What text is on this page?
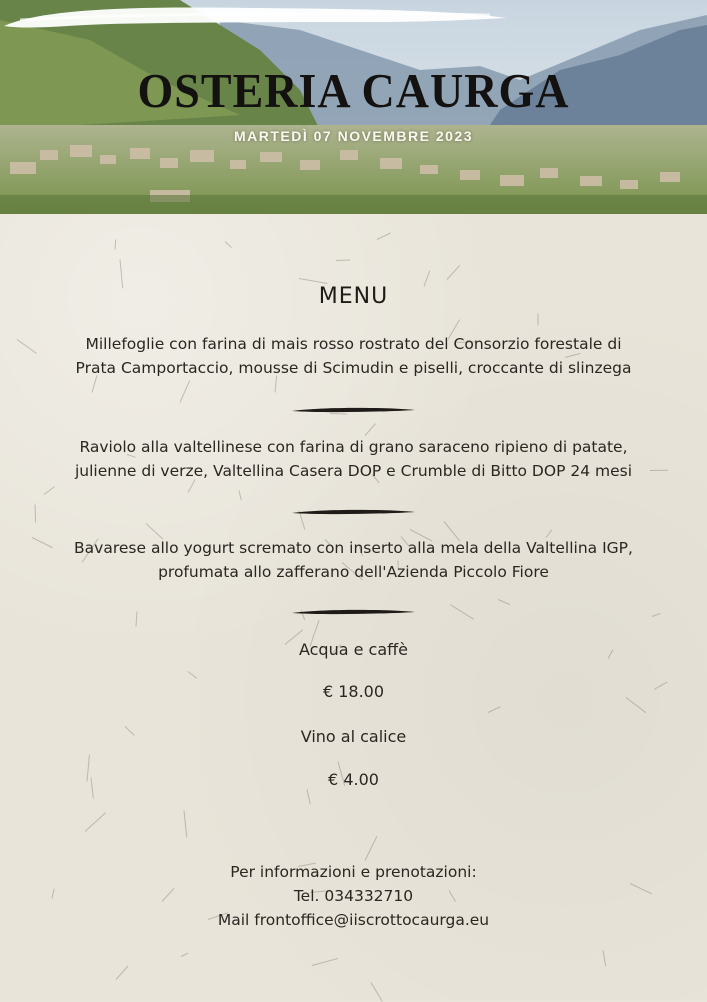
OSTERIA CAURGA
MARTEDÌ 07 NOVEMBRE 2023
MENU
Millefoglie con farina di mais rosso rostrato del Consorzio forestale di
Prata Camportaccio, mousse di Scimudin e piselli, croccante di slinzega
Raviolo alla valtellinese con farina di grano saraceno ripieno di patate,
julienne di verze, Valtellina Casera DOP e Crumble di Bitto DOP 24 mesi
Bavarese allo yogurt scremato con inserto alla mela della Valtellina IGP,
profumata allo zafferano dell'Azienda Piccolo Fiore
Acqua e caffè
€ 18.00
Vino al calice
€ 4.00
Per informazioni e prenotazioni:
Tel. 034332710
Mail frontoffice@iiscrottocaurga.eu
